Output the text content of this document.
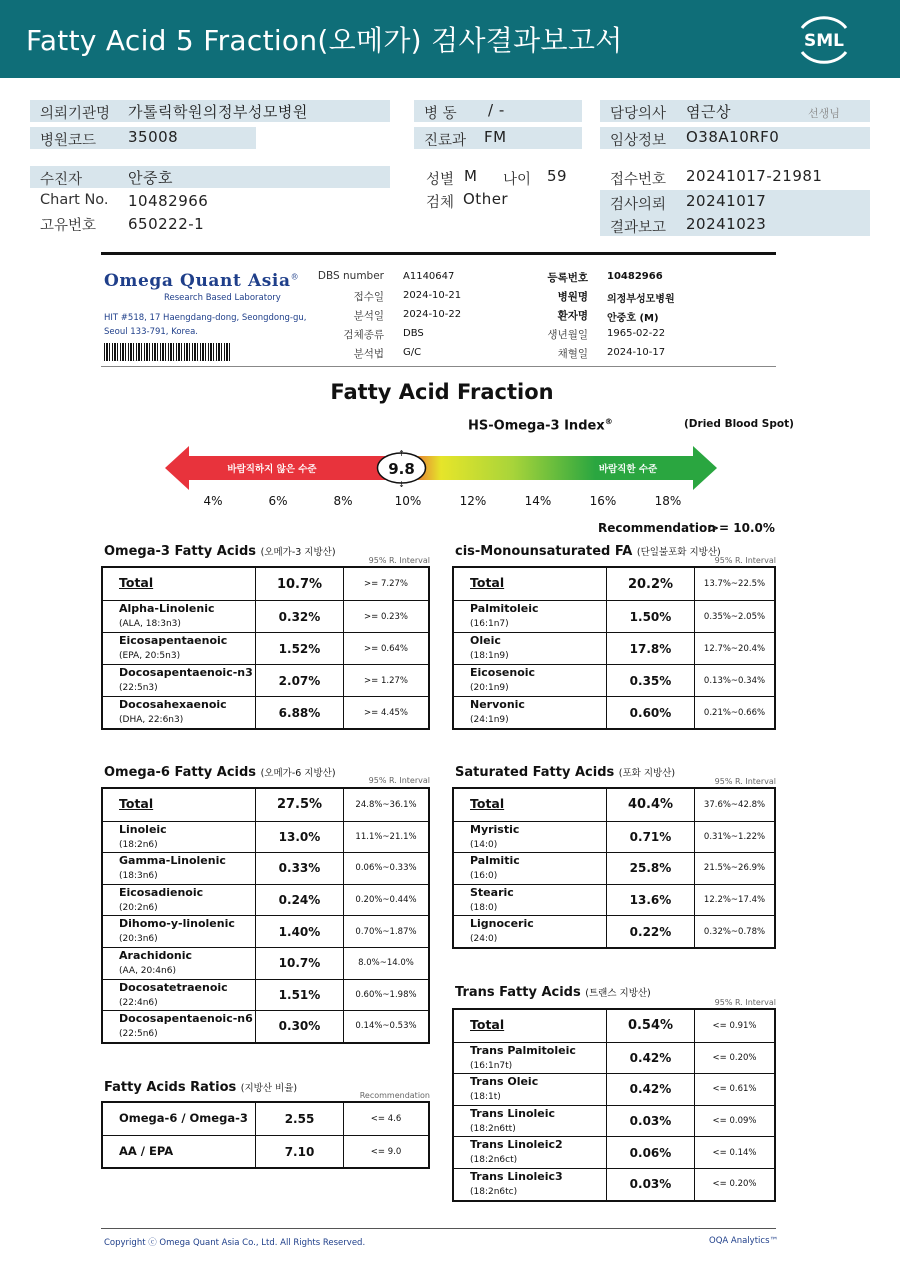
Fatty Acid 5 Fraction(오메가) 검사결과보고서	SML
의뢰기관명 가톨릭학원의정부성모병원
병원코드 35008
병 동 / -
진료과 FM
담당의사 염근상	선생님
임상정보 O38A10RF0
수진자	안중호
Chart No. 10482966
고유번호 650222-1
성별 M 나이 59
검체 Other
접수번호 20241017-21981
검사의뢰 20241017
결과보고 20241023
Omega Quant Asia®
Research Based Laboratory
HIT #518, 17 Haengdang-dong, Seongdong-gu,
Seoul 133-791, Korea.
DBS number A1140647
접수일 2024-10-21
분석일 2024-10-22
검체종류 DBS
분석법 G/C
등록번호 10482966
병원명 의정부성모병원
환자명 안중호 (M)
생년월일 1965-02-22
채혈일 2024-10-17
Fatty Acid Fraction
HS-Omega-3 Index®	(Dried Blood Spot)
바람직하지 않은 수준	바람직한 수준
9.8
↑
↓
4%	6%	8%	10%	12%	14%	16%	18%
Recommendation
>= 10.0%
Omega-3 Fatty Acids (오메가-3 지방산)
95% R. Interval
Total	10.7%	>= 7.27%
Alpha-Linolenic
(ALA, 18:3n3)
0.32%	>= 0.23%
Eicosapentaenoic
(EPA, 20:5n3)
1.52%	>= 0.64%
Docosapentaenoic-n3
(22:5n3)
2.07%	>= 1.27%
Docosahexaenoic
(DHA, 22:6n3)
6.88%	>= 4.45%
cis-Monounsaturated FA (단일불포화 지방산)
95% R. Interval
Total	20.2%	13.7%~22.5%
Palmitoleic
(16:1n7)
1.50%	0.35%~2.05%
Oleic
(18:1n9)
17.8%	12.7%~20.4%
Eicosenoic
(20:1n9)
0.35%	0.13%~0.34%
Nervonic
(24:1n9)
0.60%	0.21%~0.66%
Omega-6 Fatty Acids (오메가-6 지방산)
95% R. Interval
Total	27.5%	24.8%~36.1%
Linoleic
(18:2n6)
13.0%	11.1%~21.1%
Gamma-Linolenic
(18:3n6)
0.33%	0.06%~0.33%
Eicosadienoic
(20:2n6)
0.24%	0.20%~0.44%
Dihomo-y-linolenic
(20:3n6)
1.40%	0.70%~1.87%
Arachidonic
(AA, 20:4n6)
10.7%	8.0%~14.0%
Docosatetraenoic
(22:4n6)
1.51%	0.60%~1.98%
Docosapentaenoic-n6
(22:5n6)
0.30%	0.14%~0.53%
Saturated Fatty Acids (포화 지방산)
95% R. Interval
Total	40.4%	37.6%~42.8%
Myristic
(14:0)
0.71%	0.31%~1.22%
Palmitic
(16:0)
25.8%	21.5%~26.9%
Stearic
(18:0)
13.6%	12.2%~17.4%
Lignoceric
(24:0)
0.22%	0.32%~0.78%
Trans Fatty Acids (트랜스 지방산)
95% R. Interval
Total	0.54%	<= 0.91%
Trans Palmitoleic
(16:1n7t)
0.42%	<= 0.20%
Trans Oleic
(18:1t)
0.42%	<= 0.61%
Trans Linoleic
(18:2n6tt)
0.03%	<= 0.09%
Trans Linoleic2
(18:2n6ct)
0.06%	<= 0.14%
Trans Linoleic3
(18:2n6tc)
0.03%	<= 0.20%
Fatty Acids Ratios (지방산 비율)
Recommendation
Omega-6 / Omega-3	2.55	<= 4.6
AA / EPA	7.10	<= 9.0
Copyright ⓒ Omega Quant Asia Co., Ltd. All Rights Reserved.	OQA Analytics™
